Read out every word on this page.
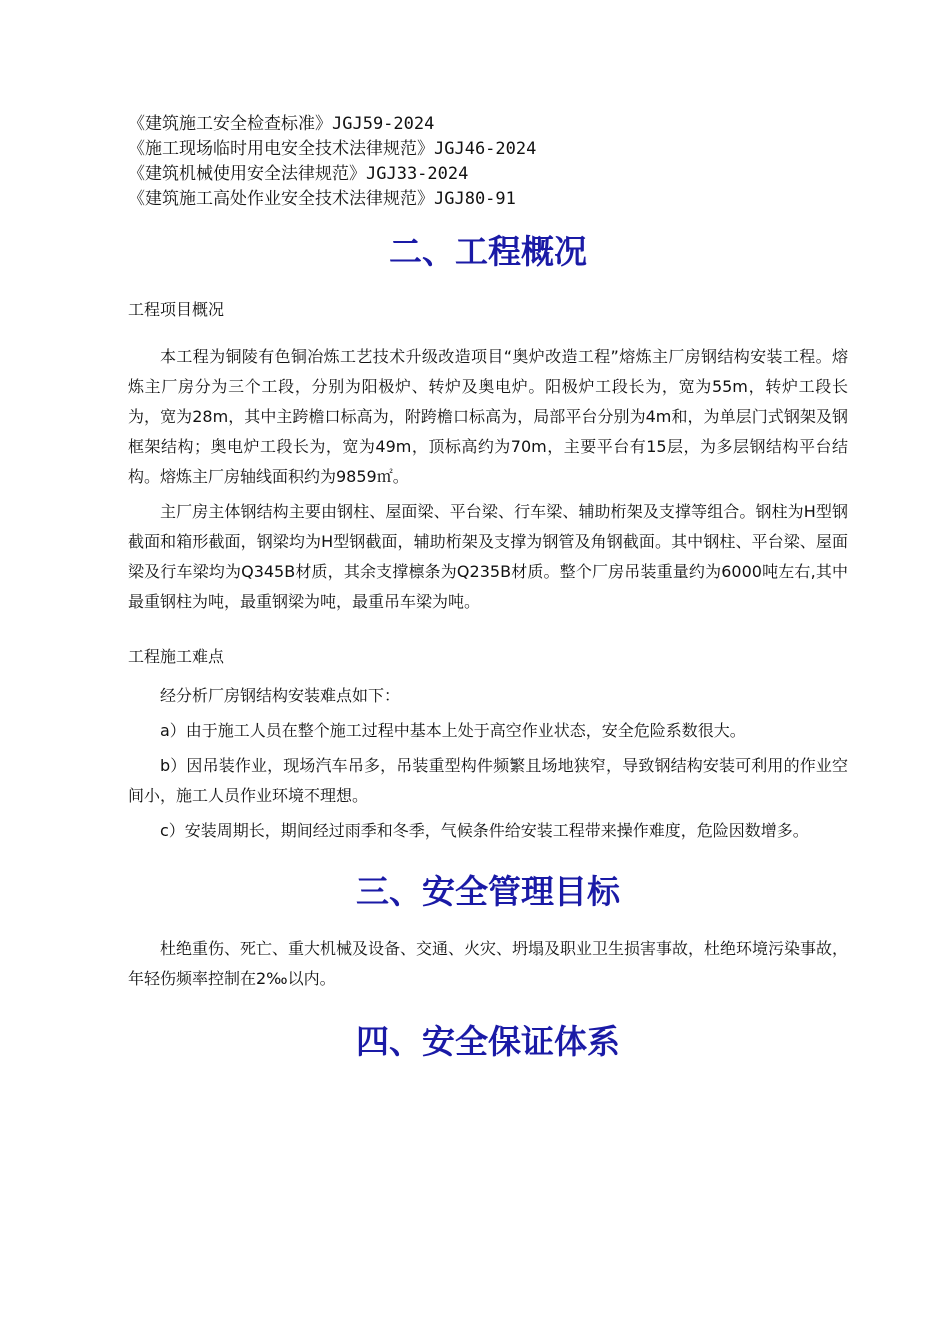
《建筑施工安全检查标准》JGJ59-2024
《施工现场临时用电安全技术法律规范》JGJ46-2024
《建筑机械使用安全法律规范》JGJ33-2024
《建筑施工高处作业安全技术法律规范》JGJ80-91
二、工程概况
工程项目概况

本工程为铜陵有色铜冶炼工艺技术升级改造项目“奥炉改造工程”熔炼主厂房钢结构安装工程。熔炼主厂房分为三个工段，分别为阳极炉、转炉及奥电炉。阳极炉工段长为，宽为55m，转炉工段长为，宽为28m，其中主跨檐口标高为，附跨檐口标高为，局部平台分别为4m和，为单层门式钢架及钢框架结构；奥电炉工段长为，宽为49m，顶标高约为70m，主要平台有15层，为多层钢结构平台结构。熔炼主厂房轴线面积约为9859㎡。

主厂房主体钢结构主要由钢柱、屋面梁、平台梁、行车梁、辅助桁架及支撑等组合。钢柱为H型钢截面和箱形截面，钢梁均为H型钢截面，辅助桁架及支撑为钢管及角钢截面。其中钢柱、平台梁、屋面梁及行车梁均为Q345B材质，其余支撑檩条为Q235B材质。整个厂房吊装重量约为6000吨左右,其中最重钢柱为吨，最重钢梁为吨，最重吊车梁为吨。

工程施工难点

经分析厂房钢结构安装难点如下：

a）由于施工人员在整个施工过程中基本上处于高空作业状态，安全危险系数很大。

b）因吊装作业，现场汽车吊多，吊装重型构件频繁且场地狭窄，导致钢结构安装可利用的作业空间小，施工人员作业环境不理想。

c）安装周期长，期间经过雨季和冬季，气候条件给安装工程带来操作难度，危险因数增多。

三、安全管理目标

杜绝重伤、死亡、重大机械及设备、交通、火灾、坍塌及职业卫生损害事故，杜绝环境污染事故，年轻伤频率控制在2‰以内。

四、安全保证体系
